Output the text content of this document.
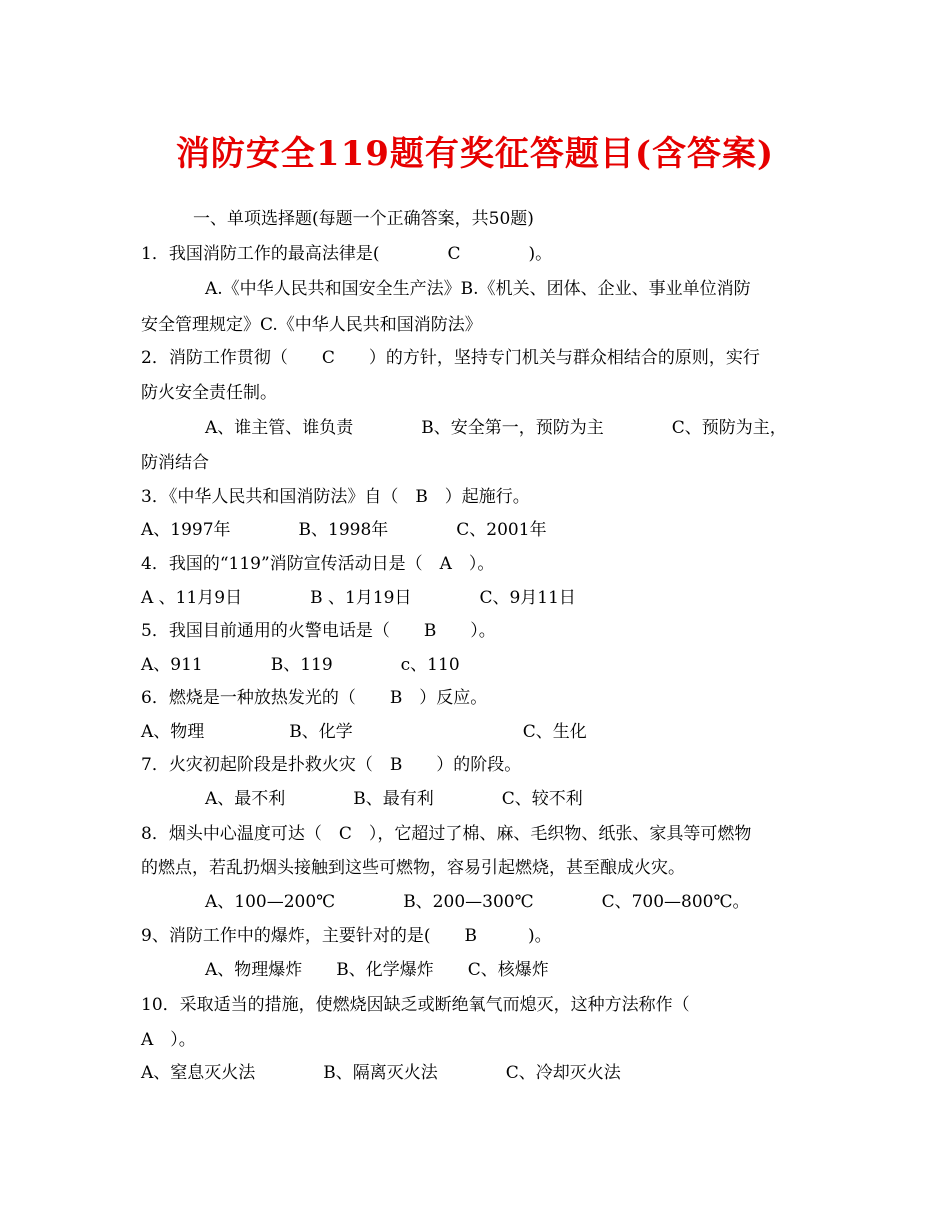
消防安全119题有奖征答题目(含答案)
一、单项选择题(每题一个正确答案，共50题)
1．我国消防工作的最高法律是(　　　　C　　　　)。
A.《中华人民共和国安全生产法》B.《机关、团体、企业、事业单位消防
安全管理规定》C.《中华人民共和国消防法》
2．消防工作贯彻（　　C　　）的方针，坚持专门机关与群众相结合的原则，实行
防火安全责任制。
A、谁主管、谁负责　　　　B、安全第一，预防为主　　　　C、预防为主，
防消结合
3．《中华人民共和国消防法》自（　B　）起施行。
A、1997年　　　　B、1998年　　　　C、2001年
4．我国的“119”消防宣传活动日是（　A　）。
A 、11月9日　　　　B 、1月19日　　　　C、9月11日
5．我国目前通用的火警电话是（　　B　　）。
A、911　　　　B、119　　　　c、110
6．燃烧是一种放热发光的（　　B　）反应。
A、物理　　　　　B、化学　　　　　　　　　　C、生化
7．火灾初起阶段是扑救火灾（　B　　）的阶段。
A、最不利　　　　B、最有利　　　　C、较不利
8．烟头中心温度可达（　C　），它超过了棉、麻、毛织物、纸张、家具等可燃物
的燃点，若乱扔烟头接触到这些可燃物，容易引起燃烧，甚至酿成火灾。
A、100—200℃　　　　B、200—300℃　　　　C、700—800℃。
9、消防工作中的爆炸，主要针对的是(　　B　　　)。
A、物理爆炸　　B、化学爆炸　　C、核爆炸
10．采取适当的措施，使燃烧因缺乏或断绝氧气而熄灭，这种方法称作（
A　）。
A、窒息灭火法　　　　B、隔离灭火法　　　　C、冷却灭火法
